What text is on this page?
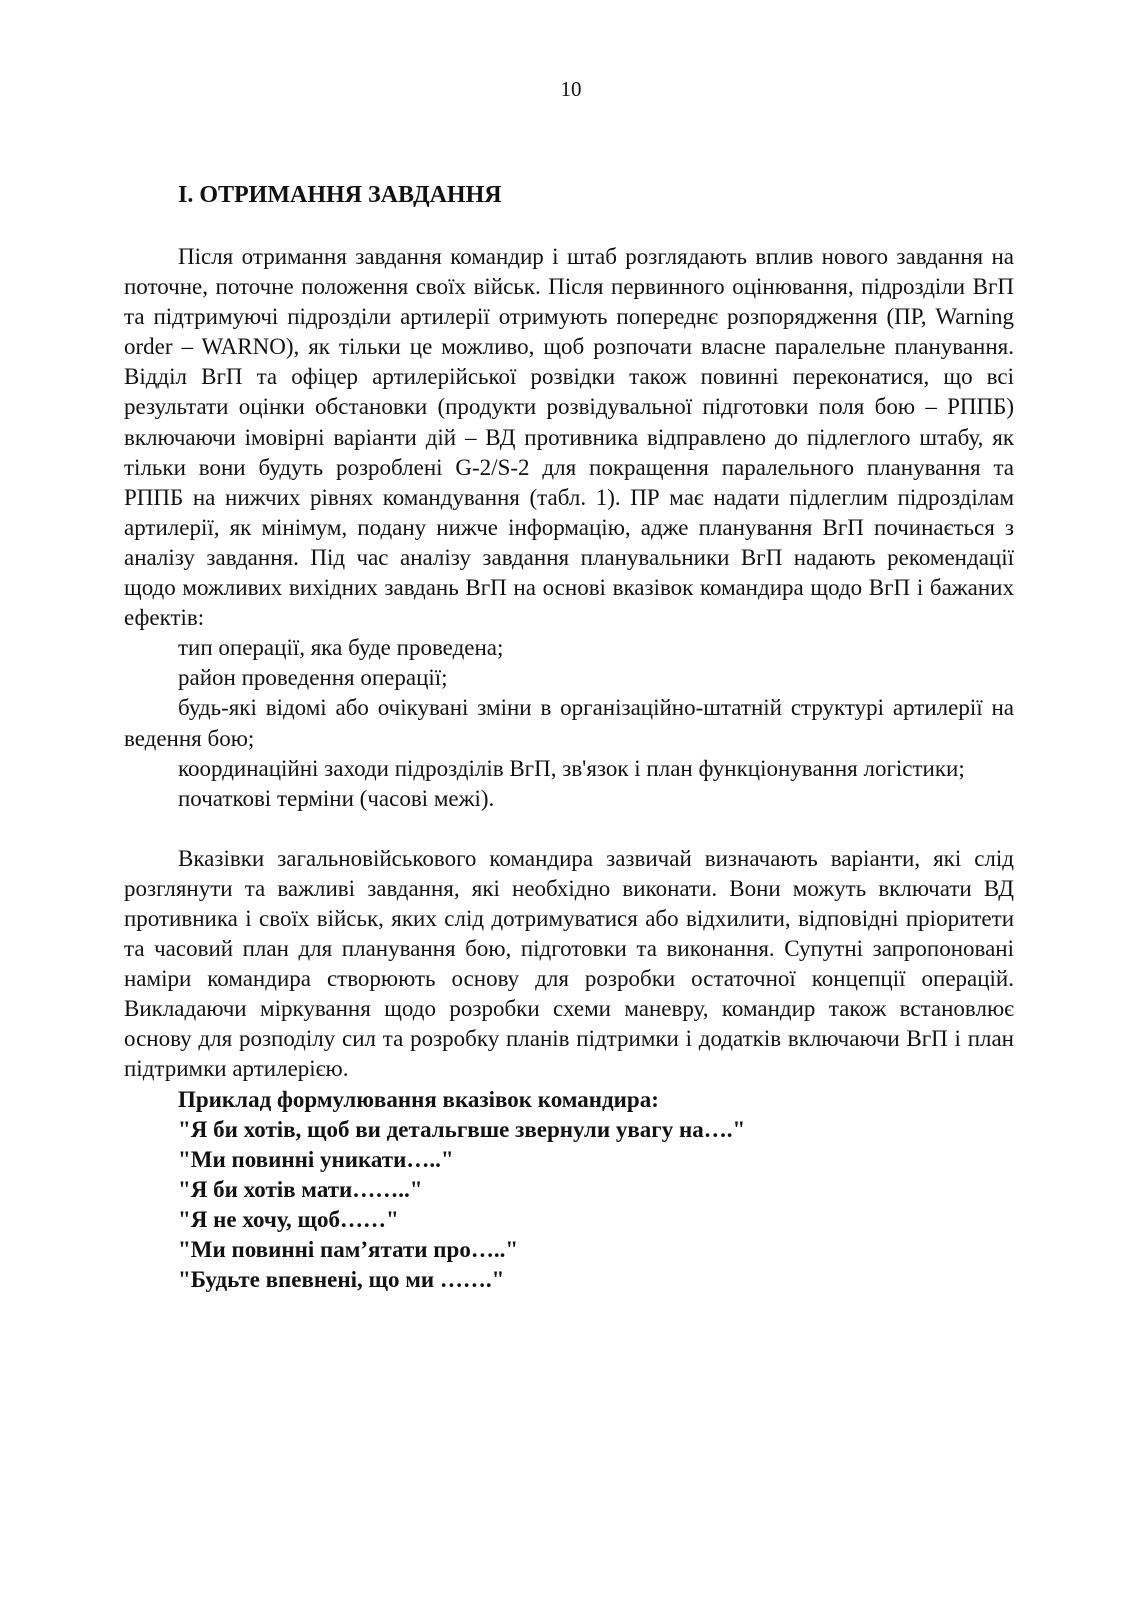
10
I. ОТРИМАННЯ ЗАВДАННЯ

Після отримання завдання командир і штаб розглядають вплив нового завдання на поточне, поточне положення своїх військ. Після первинного оцінювання, підрозділи ВгП та підтримуючі підрозділи артилерії отримують попереднє розпорядження (ПР, Warning order – WARNO), як тільки це можливо, щоб розпочати власне паралельне планування. Відділ ВгП та офіцер артилерійської розвідки також повинні переконатися, що всі результати оцінки обстановки (продукти розвідувальної підготовки поля бою – РППБ) включаючи імовірні варіанти дій – ВД противника відправлено до підлеглого штабу, як тільки вони будуть розроблені G-2/S-2 для покращення паралельного планування та РППБ на нижчих рівнях командування (табл. 1). ПР має надати підлеглим підрозділам артилерії, як мінімум, подану нижче інформацію, адже планування ВгП починається з аналізу завдання. Під час аналізу завдання планувальники ВгП надають рекомендації щодо можливих вихідних завдань ВгП на основі вказівок командира щодо ВгП і бажаних ефектів:

тип операції, яка буде проведена;

район проведення операції;

будь-які відомі або очікувані зміни в організаційно-штатній структурі артилерії на ведення бою;

координаційні заходи підрозділів ВгП, зв'язок і план функціонування логістики;

початкові терміни (часові межі).

Вказівки загальновійськового командира зазвичай визначають варіанти, які слід розглянути та важливі завдання, які необхідно виконати. Вони можуть включати ВД противника і своїх військ, яких слід дотримуватися або відхилити, відповідні пріоритети та часовий план для планування бою, підготовки та виконання. Супутні запропоновані наміри командира створюють основу для розробки остаточної концепції операцій. Викладаючи міркування щодо розробки схеми маневру, командир також встановлює основу для розподілу сил та розробку планів підтримки і додатків включаючи ВгП і план підтримки артилерією.

Приклад формулювання вказівок командира:

"Я би хотів, щоб ви детальгвше звернули увагу на…."

"Ми повинні уникати….."

"Я би хотів мати…….."

"Я не хочу, щоб……"

"Ми повинні пам’ятати про….."

"Будьте впевнені, що ми ……."
